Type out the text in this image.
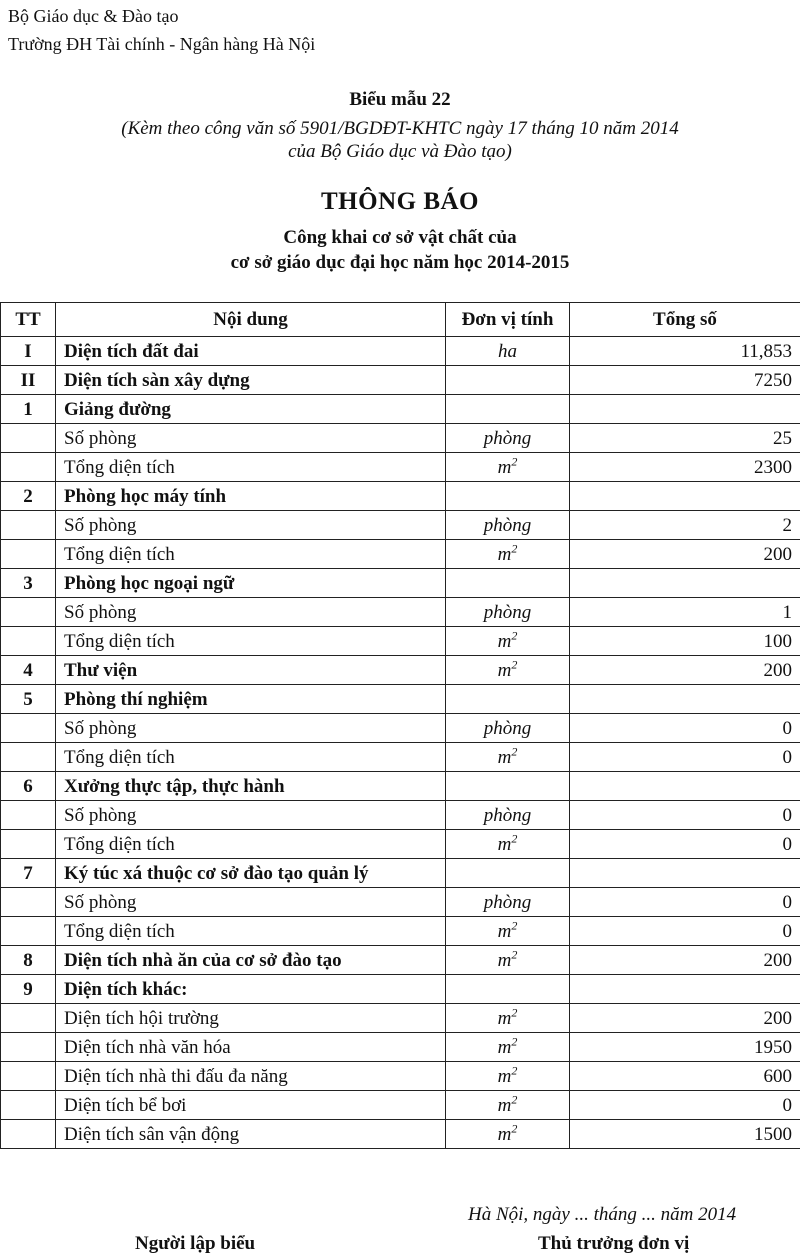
Bộ Giáo dục & Đào tạo
Trường ĐH Tài chính - Ngân hàng Hà Nội
Biểu mẫu 22
(Kèm theo công văn số 5901/BGDĐT-KHTC ngày 17 tháng 10 năm 2014
của Bộ Giáo dục và Đào tạo)
THÔNG BÁO
Công khai cơ sở vật chất của
cơ sở giáo dục đại học năm học 2014-2015
TT	Nội dung	Đơn vị tính	Tổng số
I	Diện tích đất đai	ha	11,853
II	Diện tích sàn xây dựng		7250
1	Giảng đường		
	Số phòng	phòng	25
	Tổng diện tích	$m^2$	2300
2	Phòng học máy tính		
	Số phòng	phòng	2
	Tổng diện tích	$m^2$	200
3	Phòng học ngoại ngữ		
	Số phòng	phòng	1
	Tổng diện tích	$m^2$	100
4	Thư viện	$m^2$	200
5	Phòng thí nghiệm		
	Số phòng	phòng	0
	Tổng diện tích	$m^2$	0
6	Xưởng thực tập, thực hành		
	Số phòng	phòng	0
	Tổng diện tích	$m^2$	0
7	Ký túc xá thuộc cơ sở đào tạo quản lý		
	Số phòng	phòng	0
	Tổng diện tích	$m^2$	0
8	Diện tích nhà ăn của cơ sở đào tạo	$m^2$	200
9	Diện tích khác:		
	Diện tích hội trường	$m^2$	200
	Diện tích nhà văn hóa	$m^2$	1950
	Diện tích nhà thi đấu đa năng	$m^2$	600
	Diện tích bể bơi	$m^2$	0
	Diện tích sân vận động	$m^2$	1500
Hà Nội, ngày ... tháng ... năm 2014
Người lập biểu	Thủ trưởng đơn vị
